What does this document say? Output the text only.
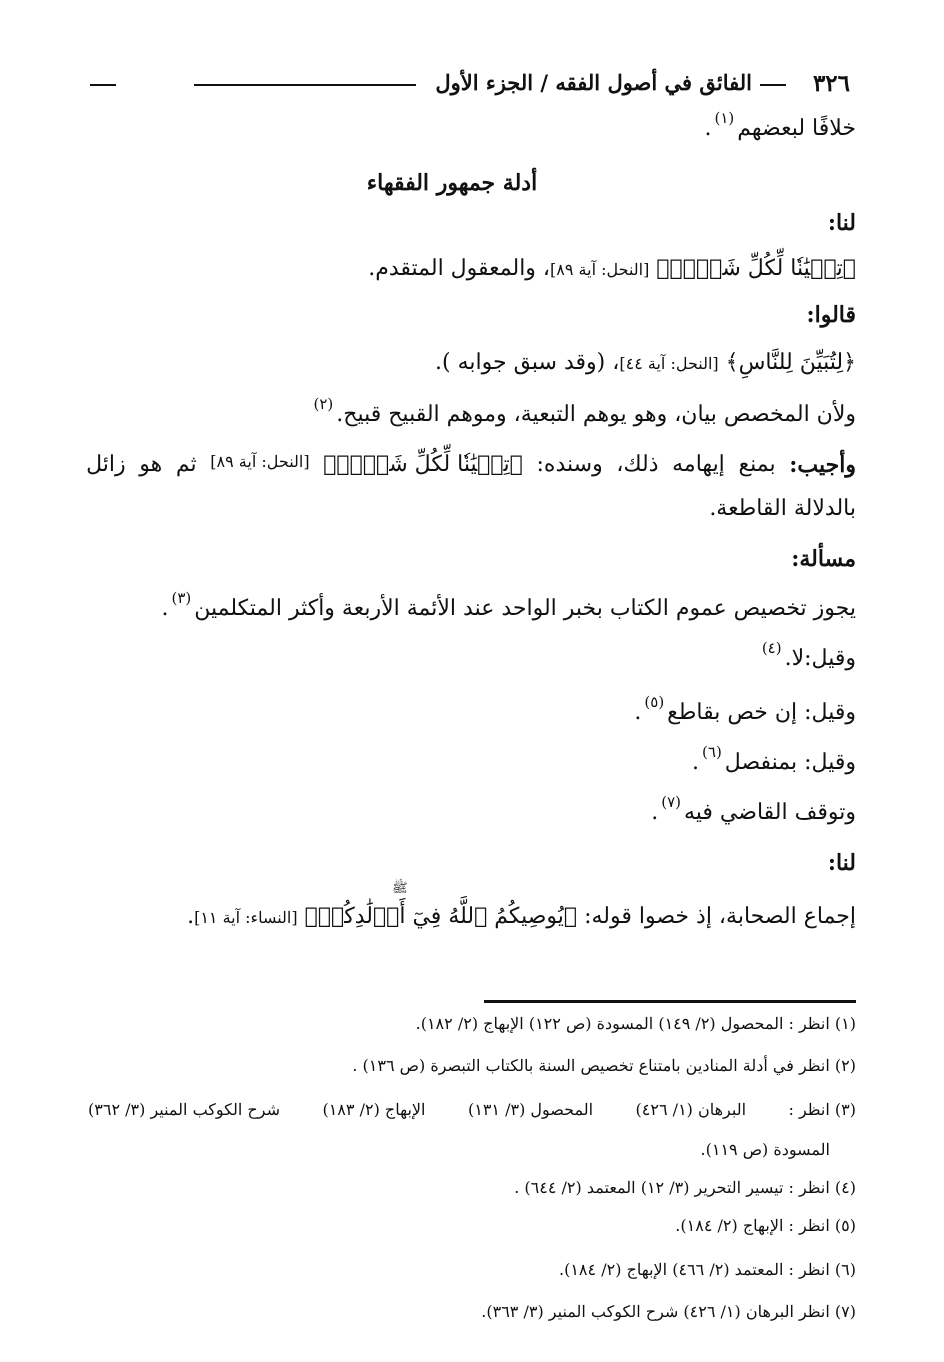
٣٢٦
الفائق في أصول الفقه / الجزء الأول
خلافًا لبعضهم$^{(١)}$.
أدلة جمهور الفقهاء
لنا:
﴿تِبۡيَٰنٗا لِّكُلِّ شَيۡءٖ﴾ [النحل: آية ٨٩]، والمعقول المتقدم.
قالوا:
﴿لِتُبَيِّنَ لِلنَّاسِ﴾ [النحل: آية ٤٤]، (وقد سبق جوابه ).
ولأن المخصص بيان، وهو يوهم التبعية، وموهم القبيح قبيح.$^{(٢)}$
وأجيب:
بمنع
إيهامه
ذلك،
وسنده:
﴿تِبۡيَٰنٗا لِّكُلِّ شَيۡءٖ﴾
[النحل: آية ٨٩]
ثم
هو
زائل
بالدلالة القاطعة.
مسألة:
يجوز تخصيص عموم الكتاب بخبر الواحد عند الأئمة الأربعة وأكثر المتكلمين$^{(٣)}$.
وقيل:لا.$^{(٤)}$
وقيل: إن خص بقاطع$^{(٥)}$.
وقيل: بمنفصل$^{(٦)}$.
وتوقف القاضي فيه$^{(٧)}$.
لنا:
إجماع الصحابة، إذ خصوا قوله: ﴿يُوصِيكُمُ ٱللَّهُ فِيٓ أَوۡلَٰدِكُمۡ﴾ [النساء: آية ١١].
ﷺ
(١) انظر : المحصول (٢/ ١٤٩) المسودة (ص ١٢٢) الإبهاج (٢/ ١٨٢).
(٢) انظر في أدلة المنادين بامتناع تخصيص السنة بالكتاب التبصرة (ص ١٣٦) .
(٣) انظر :
البرهان (١/ ٤٢٦)
المحصول (٣/ ١٣١)
الإبهاج (٢/ ١٨٣)
شرح الكوكب المنير (٣/ ٣٦٢)
المسودة (ص ١١٩).
(٤) انظر : تيسير التحرير (٣/ ١٢) المعتمد (٢/ ٦٤٤) .
(٥) انظر : الإبهاج (٢/ ١٨٤).
(٦) انظر : المعتمد (٢/ ٤٦٦) الإبهاج (٢/ ١٨٤).
(٧) انظر البرهان (١/ ٤٢٦) شرح الكوكب المنير (٣/ ٣٦٣).
